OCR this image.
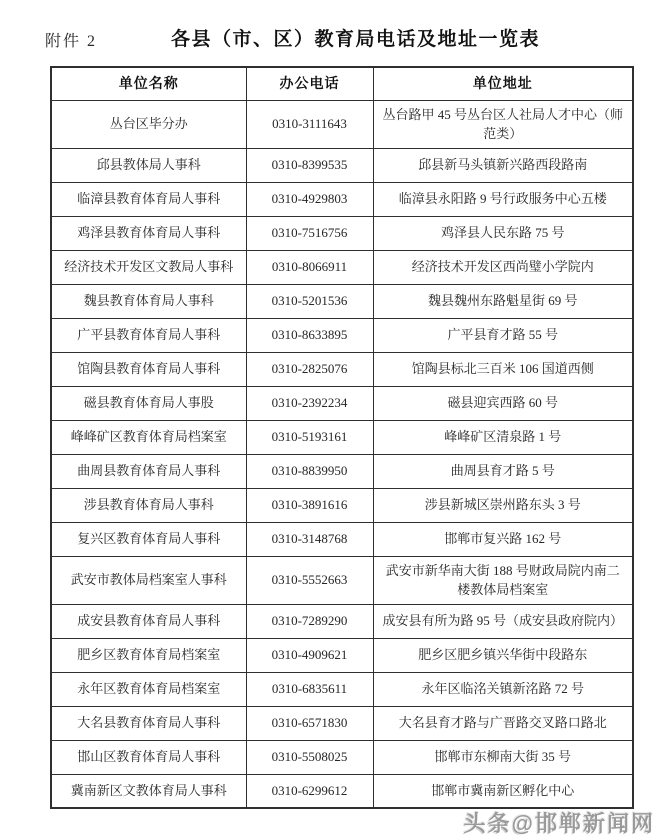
附件 2	各县（市、区）教育局电话及地址一览表
单位名称	办公电话	单位地址
丛台区毕分办	0310-3111643	丛台路甲 45 号丛台区人社局人才中心（师范类）
邱县教体局人事科	0310-8399535	邱县新马头镇新兴路西段路南
临漳县教育体育局人事科	0310-4929803	临漳县永阳路 9 号行政服务中心五楼
鸡泽县教育体育局人事科	0310-7516756	鸡泽县人民东路 75 号
经济技术开发区文教局人事科	0310-8066911	经济技术开发区西尚璧小学院内
魏县教育体育局人事科	0310-5201536	魏县魏州东路魁星街 69 号
广平县教育体育局人事科	0310-8633895	广平县育才路 55 号
馆陶县教育体育局人事科	0310-2825076	馆陶县标北三百米 106 国道西侧
磁县教育体育局人事股	0310-2392234	磁县迎宾西路 60 号
峰峰矿区教育体育局档案室	0310-5193161	峰峰矿区清泉路 1 号
曲周县教育体育局人事科	0310-8839950	曲周县育才路 5 号
涉县教育体育局人事科	0310-3891616	涉县新城区崇州路东头 3 号
复兴区教育体育局人事科	0310-3148768	邯郸市复兴路 162 号
武安市教体局档案室人事科	0310-5552663	武安市新华南大街 188 号财政局院内南二楼教体局档案室
成安县教育体育局人事科	0310-7289290	成安县有所为路 95 号（成安县政府院内）
肥乡区教育体育局档案室	0310-4909621	肥乡区肥乡镇兴华街中段路东
永年区教育体育局档案室	0310-6835611	永年区临洺关镇新洺路 72 号
大名县教育体育局人事科	0310-6571830	大名县育才路与广晋路交叉路口路北
邯山区教育体育局人事科	0310-5508025	邯郸市东柳南大街 35 号
冀南新区文教体育局人事科	0310-6299612	邯郸市冀南新区孵化中心
头条@邯郸新闻网
